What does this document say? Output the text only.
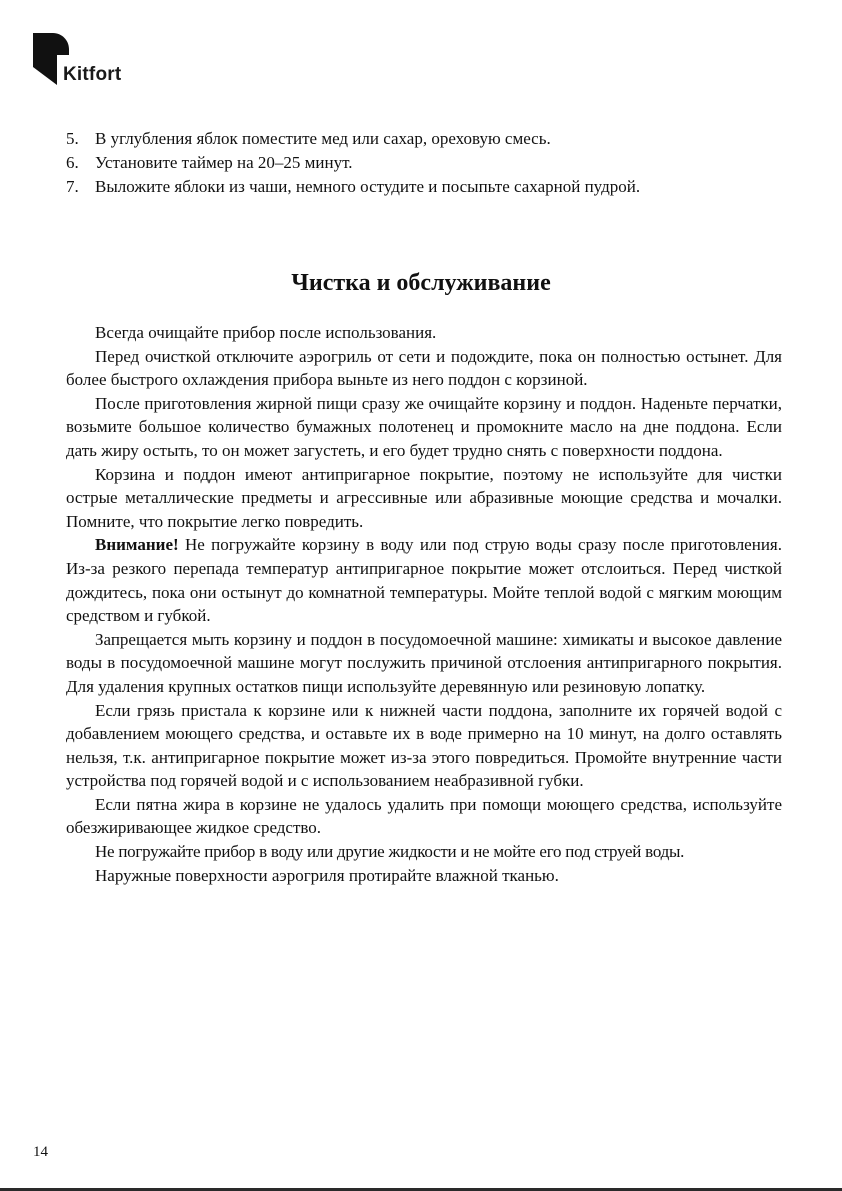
Kitfort
5. В углубления яблок поместите мед или сахар, ореховую смесь.
6. Установите таймер на 20–25 минут.
7. Выложите яблоки из чаши, немного остудите и посыпьте сахарной пудрой.
Чистка и обслуживание

Всегда очищайте прибор после использования.

Перед очисткой отключите аэрогриль от сети и подождите, пока он полностью остынет. Для более быстрого охлаждения прибора выньте из него поддон с корзиной.

После приготовления жирной пищи сразу же очищайте корзину и поддон. Наденьте перчатки, возьмите большое количество бумажных полотенец и промокните масло на дне поддона. Если дать жиру остыть, то он может загустеть, и его будет трудно снять с поверхности поддона.

Корзина и поддон имеют антипригарное покрытие, поэтому не используйте для чистки острые металлические предметы и агрессивные или абразивные моющие средства и мочалки. Помните, что покрытие легко повредить.

Внимание! Не погружайте корзину в воду или под струю воды сразу после приготовления. Из-за резкого перепада температур антипригарное покрытие может отслоиться. Перед чисткой дождитесь, пока они остынут до комнатной температуры. Мойте теплой водой с мягким моющим средством и губкой.

Запрещается мыть корзину и поддон в посудомоечной машине: химикаты и высокое давление воды в посудомоечной машине могут послужить причиной отслоения антипригарного покрытия. Для удаления крупных остатков пищи используйте деревянную или резиновую лопатку.

Если грязь пристала к корзине или к нижней части поддона, заполните их горячей водой с добавлением моющего средства, и оставьте их в воде примерно на 10 минут, на долго оставлять нельзя, т.к. антипригарное покрытие может из-за этого повредиться. Промойте внутренние части устройства под горячей водой и с использованием неабразивной губки.

Если пятна жира в корзине не удалось удалить при помощи моющего средства, используйте обезжиривающее жидкое средство.

Не погружайте прибор в воду или другие жидкости и не мойте его под струей воды.

Наружные поверхности аэрогриля протирайте влажной тканью.

14
